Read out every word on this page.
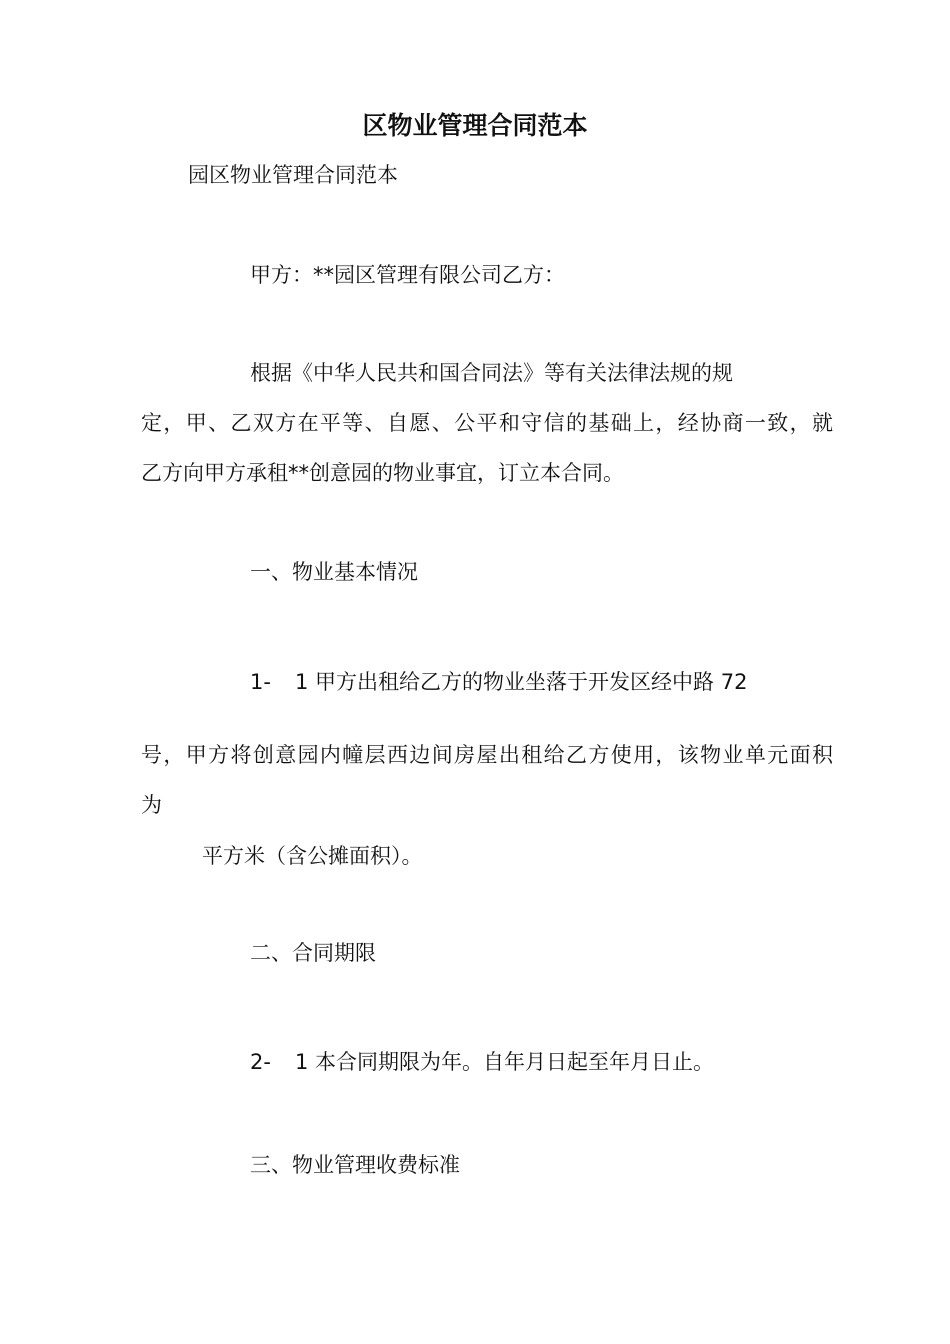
区物业管理合同范本

园区物业管理合同范本

甲方：**园区管理有限公司乙方：

根据《中华人民共和国合同法》等有关法律法规的规

定，甲、乙双方在平等、自愿、公平和守信的基础上，经协商一致，就

乙方向甲方承租**创意园的物业事宜，订立本合同。

一、物业基本情况

1- 1 甲方出租给乙方的物业坐落于开发区经中路 72

号，甲方将创意园内幢层西边间房屋出租给乙方使用，该物业单元面积

为

平方米（含公摊面积）。

二、合同期限

2- 1 本合同期限为年。自年月日起至年月日止。

三、物业管理收费标准
